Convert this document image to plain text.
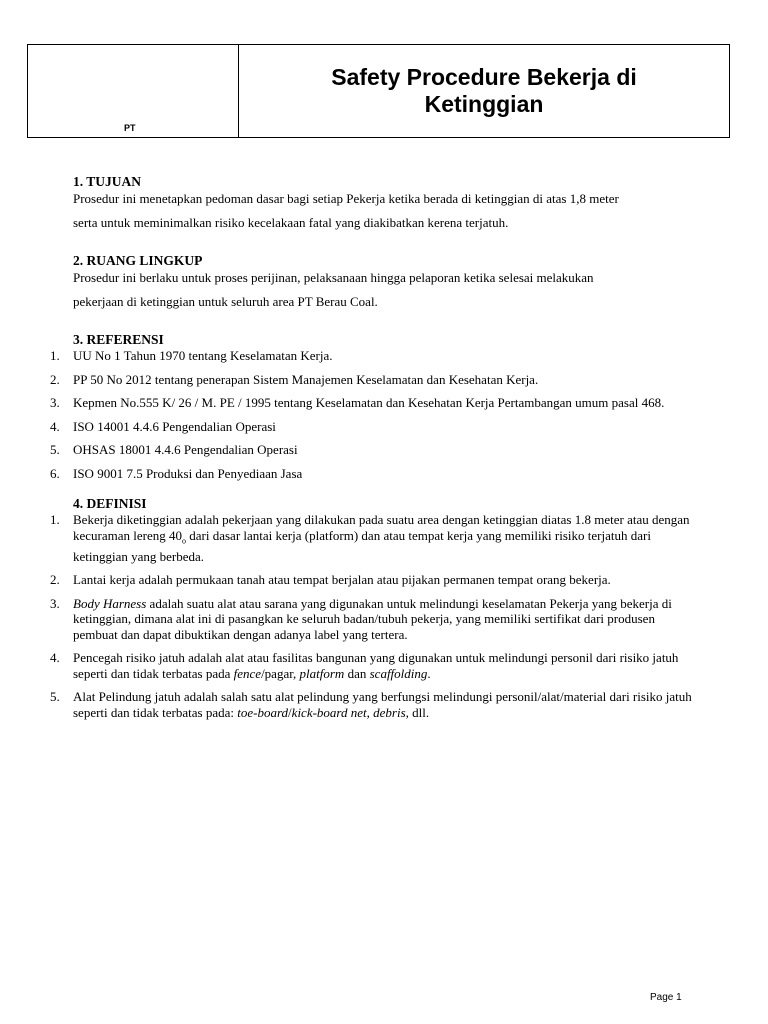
PT
Safety Procedure Bekerja di Ketinggian
1. TUJUAN

Prosedur ini menetapkan pedoman dasar bagi setiap Pekerja ketika berada di ketinggian di atas 1,8 meter
serta untuk meminimalkan risiko kecelakaan fatal yang diakibatkan kerena terjatuh.

2. RUANG LINGKUP

Prosedur ini berlaku untuk proses perijinan, pelaksanaan hingga pelaporan ketika selesai melakukan
pekerjaan di ketinggian untuk seluruh area PT Berau Coal.

3. REFERENSI
1.	UU No 1 Tahun 1970 tentang Keselamatan Kerja.
2.	PP 50 No 2012 tentang penerapan Sistem Manajemen Keselamatan dan Kesehatan Kerja.
3.	Kepmen No.555 K/ 26 / M. PE / 1995 tentang Keselamatan dan Kesehatan Kerja Pertambangan umum pasal 468.
4.	ISO 14001 4.4.6 Pengendalian Operasi
5.	OHSAS 18001 4.4.6 Pengendalian Operasi
6.	ISO 9001 7.5 Produksi dan Penyediaan Jasa
4. DEFINISI
1.	Bekerja diketinggian adalah pekerjaan yang dilakukan pada suatu area dengan ketinggian diatas 1.8 meter atau dengan kecuraman lereng $40_o$ dari dasar lantai kerja (platform) dan atau tempat kerja yang memiliki risiko terjatuh dari ketinggian yang berbeda.
2.	Lantai kerja adalah permukaan tanah atau tempat berjalan atau pijakan permanen tempat orang bekerja.
3.	Body Harness adalah suatu alat atau sarana yang digunakan untuk melindungi keselamatan Pekerja yang bekerja di ketinggian, dimana alat ini di pasangkan ke seluruh badan/tubuh pekerja, yang memiliki sertifikat dari produsen pembuat dan dapat dibuktikan dengan adanya label yang tertera.
4.	Pencegah risiko jatuh adalah alat atau fasilitas bangunan yang digunakan untuk melindungi personil dari risiko jatuh seperti dan tidak terbatas pada fence/pagar, platform dan scaffolding.
5.	Alat Pelindung jatuh adalah salah satu alat pelindung yang berfungsi melindungi personil/alat/material dari risiko jatuh seperti dan tidak terbatas pada: toe-board/kick-board net, debris, dll.
Page 1
